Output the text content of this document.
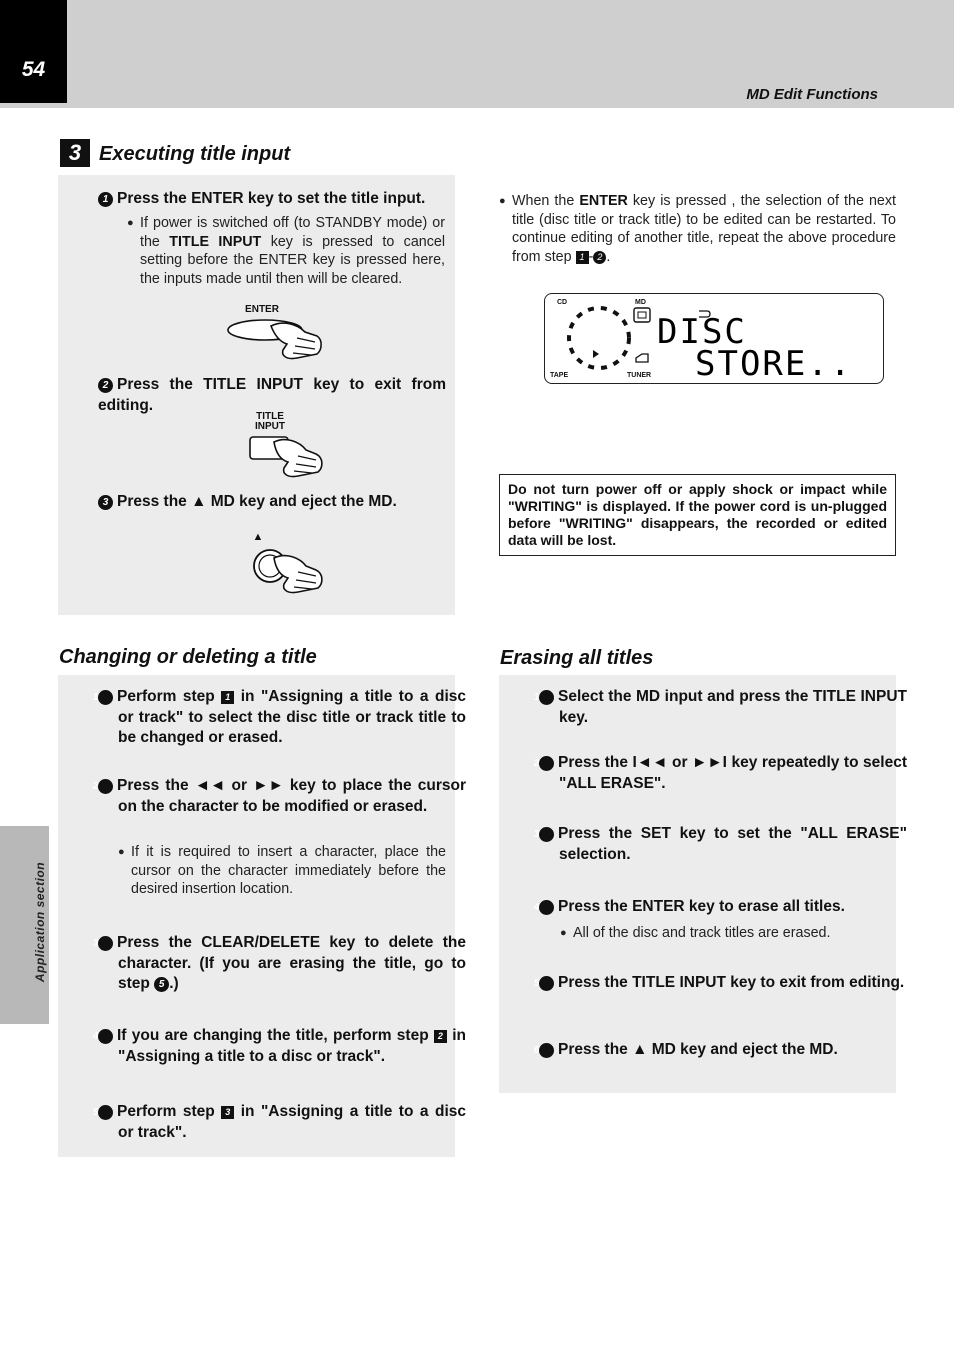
54
MD Edit Functions
Application section
3 Executing title input
1 Press the ENTER key to set the title input.
● If power is switched off (to STANDBY mode) or the TITLE INPUT key is pressed to cancel setting before the ENTER key is pressed here, the inputs made until then will be cleared.
ENTER
2 Press the TITLE INPUT key to exit from editing.
TITLE
INPUT
3 Press the ▲ MD key and eject the MD.
▲
● When the ENTER key is pressed , the selection of the next title (disc title or track title) to be edited can be restarted. To continue editing of another title, repeat the above procedure from step 1 - 2 .
CD	MD
TAPE	TUNER
DISC
STORE..
Do not turn power off or apply shock or impact while "WRITING" is displayed. If the power cord is un-plugged before "WRITING" disappears, the recorded or edited data will be lost.
Changing or deleting a title
1 Perform step 1 in "Assigning a title to a disc or track" to select the disc title or track title to be changed or erased.
2 Press the ◄◄ or ►► key to place the cursor on the character to be modified or erased.
● If it is required to insert a character, place the cursor on the character immediately before the desired insertion location.
3 Press the CLEAR/DELETE key to delete the character. (If you are erasing the title, go to step 5 .)
4 If you are changing the title, perform step 2 in "Assigning a title to a disc or track".
5 Perform step 3 in "Assigning a title to a disc or track".
Erasing all titles
1 Select the MD input and press the TITLE INPUT key.
2 Press the I◄◄ or ►►I key repeatedly to select "ALL ERASE".
3 Press the SET key to set the "ALL ERASE" selection.
4 Press the ENTER key to erase all titles.
● All of the disc and track titles are erased.
5 Press the TITLE INPUT key to exit from editing.
6 Press the ▲ MD key and eject the MD.
